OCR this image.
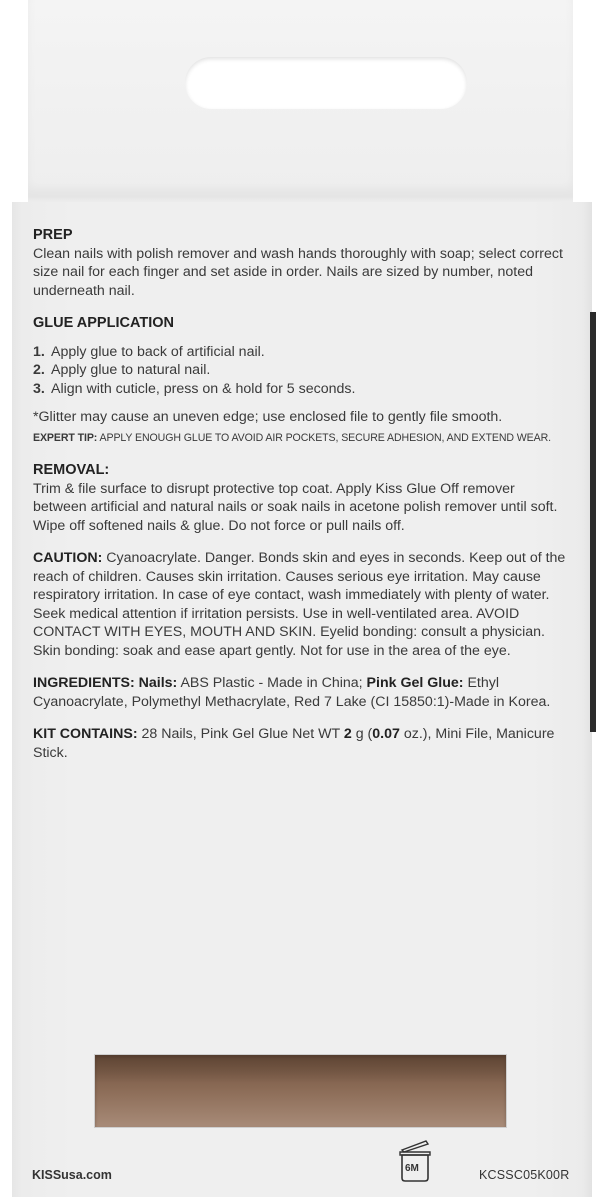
PREP

Clean nails with polish remover and wash hands thoroughly with soap; select correct size nail for each finger and set aside in order. Nails are sized by number, noted underneath nail.

GLUE APPLICATION

1. Apply glue to back of artificial nail.
2. Apply glue to natural nail.
3. Align with cuticle, press on & hold for 5 seconds.

*Glitter may cause an uneven edge; use enclosed file to gently file smooth.

EXPERT TIP: APPLY ENOUGH GLUE TO AVOID AIR POCKETS, SECURE ADHESION, AND EXTEND WEAR.

REMOVAL:

Trim & file surface to disrupt protective top coat. Apply Kiss Glue Off remover between artificial and natural nails or soak nails in acetone polish remover until soft. Wipe off softened nails & glue. Do not force or pull nails off.

CAUTION: Cyanoacrylate. Danger. Bonds skin and eyes in seconds. Keep out of the reach of children. Causes skin irritation. Causes serious eye irritation. May cause respiratory irritation. In case of eye contact, wash immediately with plenty of water. Seek medical attention if irritation persists. Use in well-ventilated area. AVOID CONTACT WITH EYES, MOUTH AND SKIN. Eyelid bonding: consult a physician. Skin bonding: soak and ease apart gently. Not for use in the area of the eye.

INGREDIENTS: Nails: ABS Plastic - Made in China; Pink Gel Glue: Ethyl Cyanoacrylate, Polymethyl Methacrylate, Red 7 Lake (CI 15850:1)-Made in Korea.

KIT CONTAINS: 28 Nails, Pink Gel Glue Net WT 2 g (0.07 oz.), Mini File, Manicure Stick.

KISSusa.com	6M	KCSSC05K00R
